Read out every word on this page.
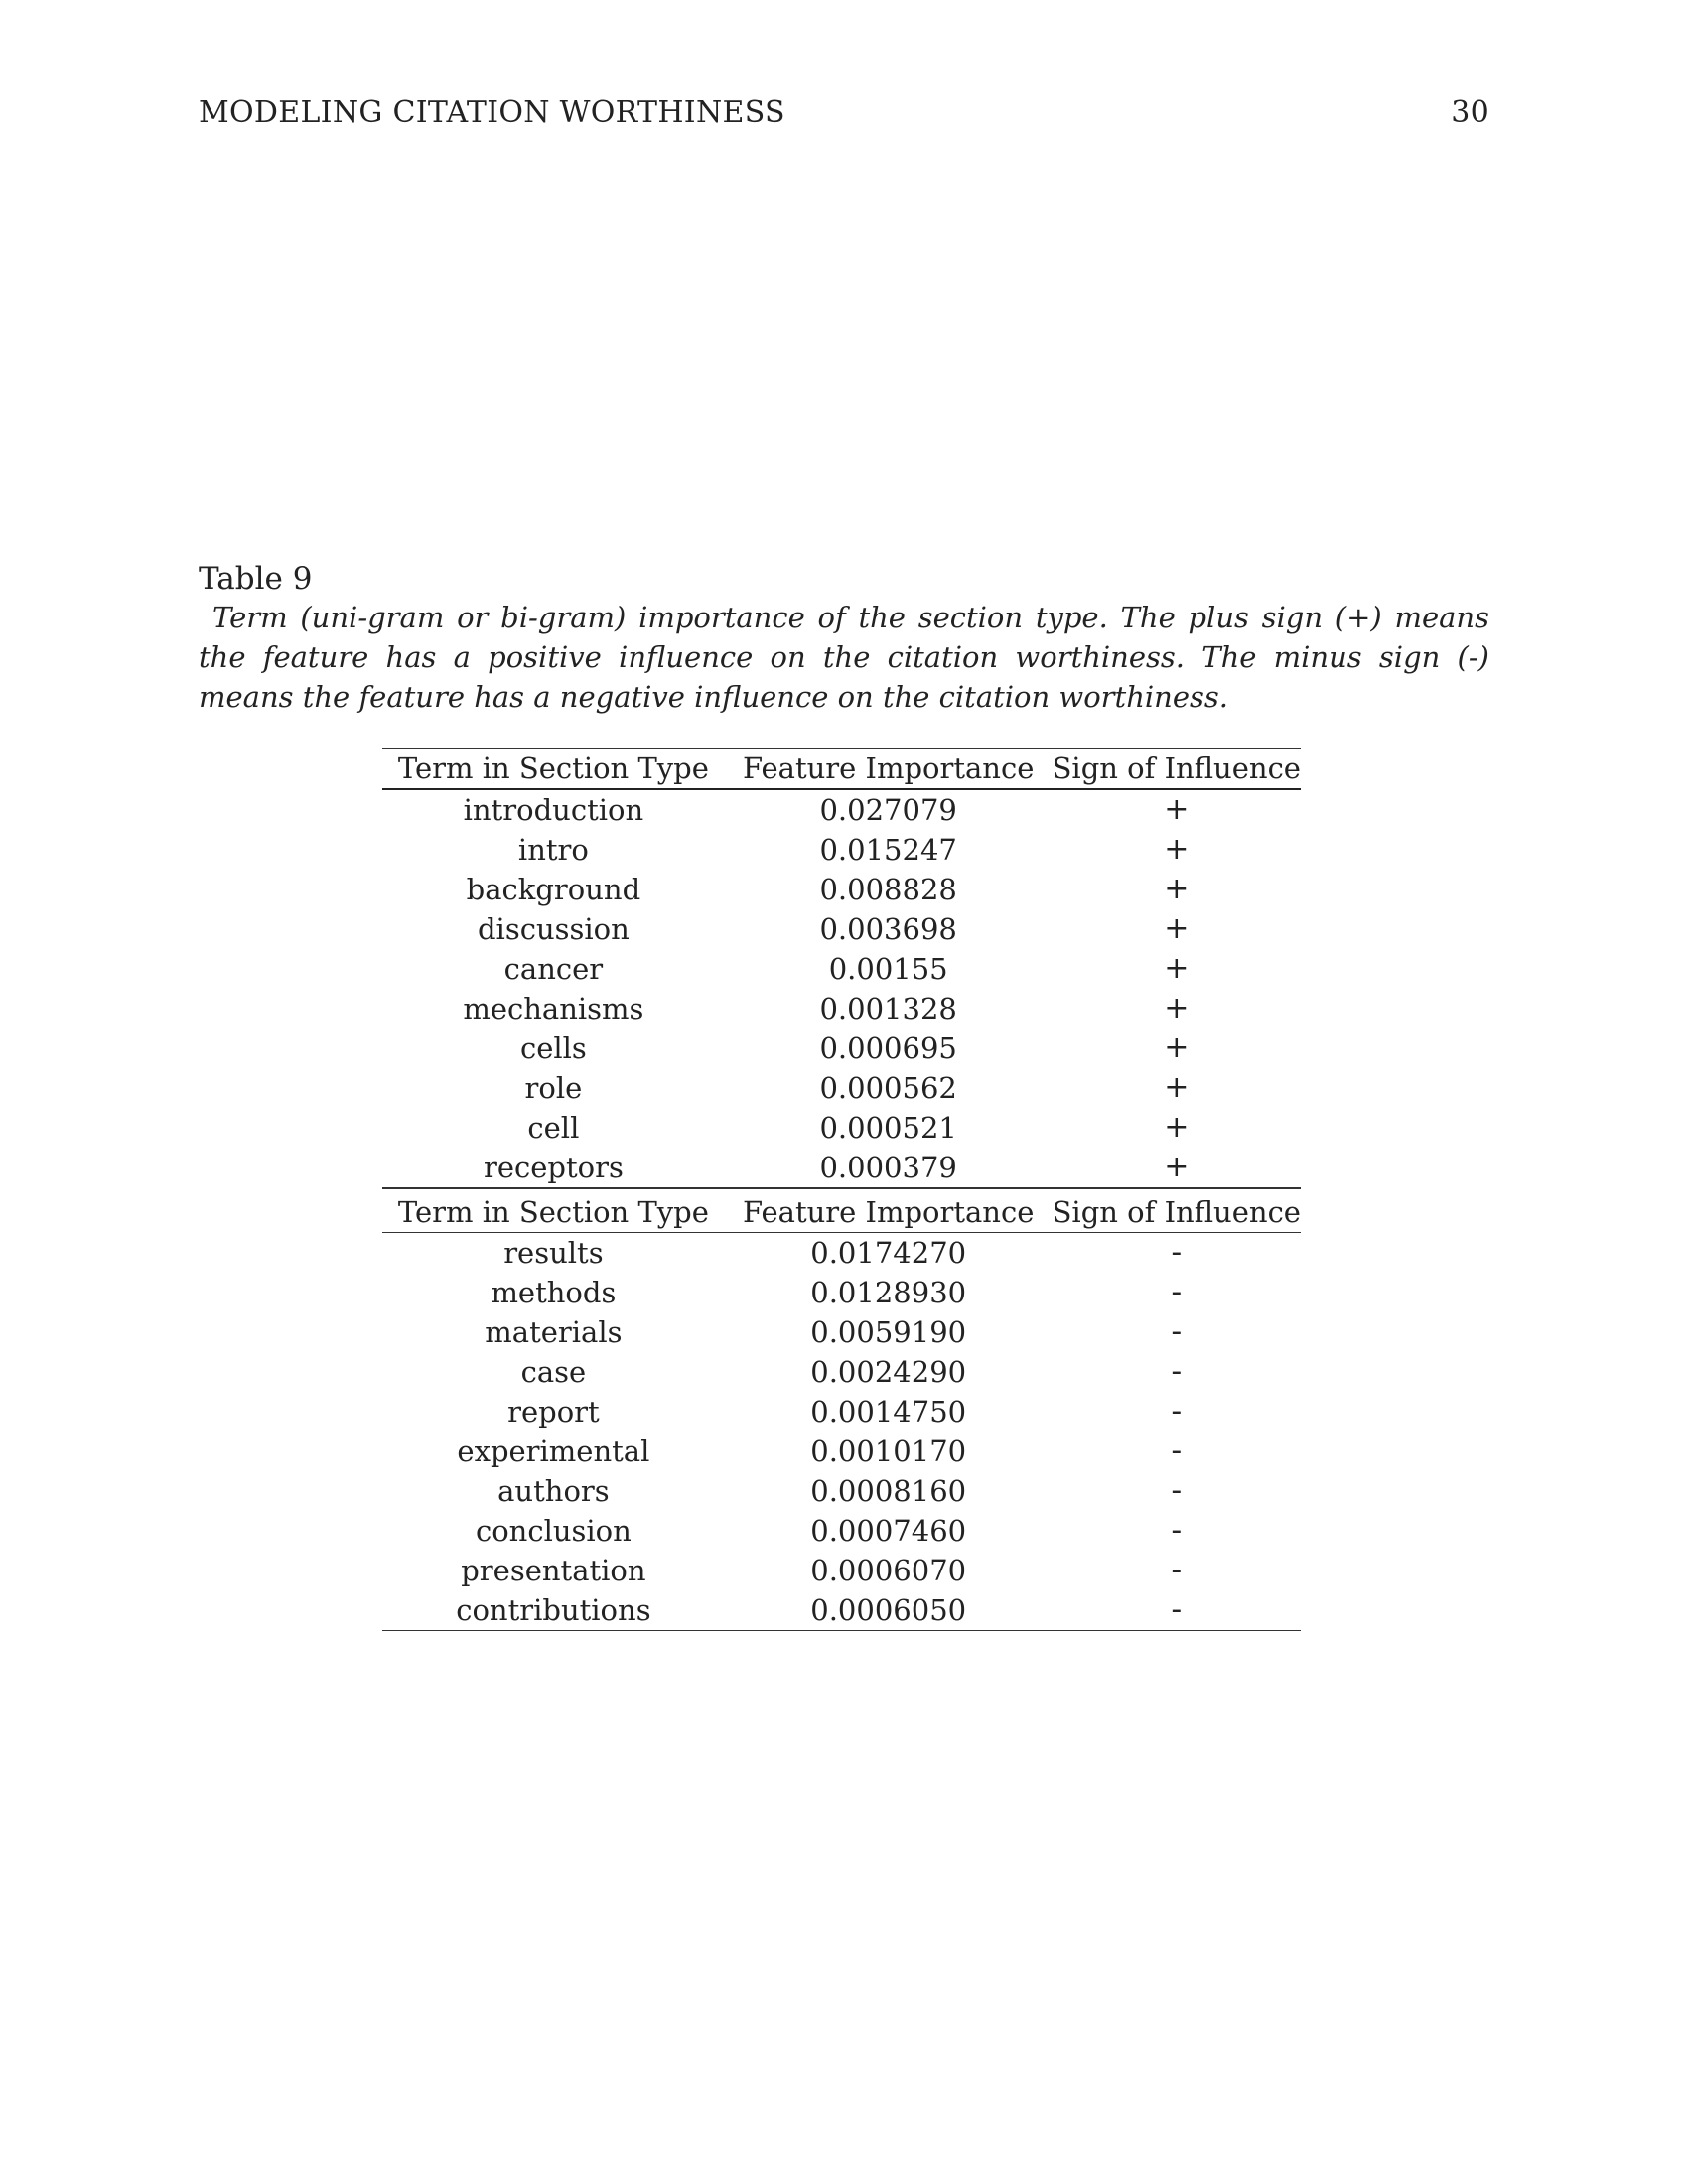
MODELING CITATION WORTHINESS	30
Table 9
Term (uni-gram or bi-gram) importance of the section type. The plus sign (+) means the feature has a positive influence on the citation worthiness. The minus sign (-) means the feature has a negative influence on the citation worthiness.
Term in Section Type	Feature Importance	Sign of Influence
introduction	0.027079	+
intro	0.015247	+
background	0.008828	+
discussion	0.003698	+
cancer	0.00155	+
mechanisms	0.001328	+
cells	0.000695	+
role	0.000562	+
cell	0.000521	+
receptors	0.000379	+

Term in Section Type	Feature Importance	Sign of Influence
results	0.0174270	-
methods	0.0128930	-
materials	0.0059190	-
case	0.0024290	-
report	0.0014750	-
experimental	0.0010170	-
authors	0.0008160	-
conclusion	0.0007460	-
presentation	0.0006070	-
contributions	0.0006050	-
